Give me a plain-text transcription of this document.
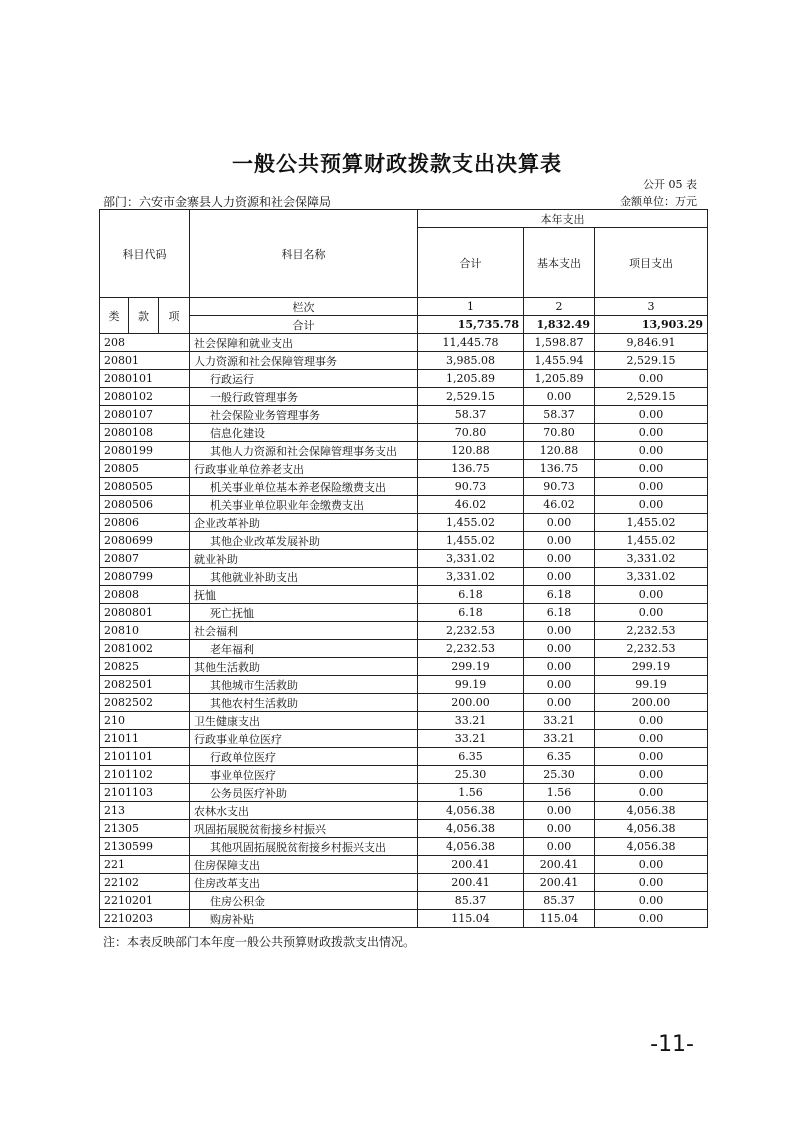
一般公共预算财政拨款支出决算表
公开 05 表
部门：六安市金寨县人力资源和社会保障局	金额单位：万元
科目代码			科目名称	本年支出		
				合计	基本支出	项目支出
类	款	项	栏次	1	2	3
			合计	15,735.78	1,832.49	13,903.29
208			社会保障和就业支出	11,445.78	1,598.87	9,846.91
20801			人力资源和社会保障管理事务	3,985.08	1,455.94	2,529.15
2080101			行政运行	1,205.89	1,205.89	0.00
2080102			一般行政管理事务	2,529.15	0.00	2,529.15
2080107			社会保险业务管理事务	58.37	58.37	0.00
2080108			信息化建设	70.80	70.80	0.00
2080199			其他人力资源和社会保障管理事务支出	120.88	120.88	0.00
20805			行政事业单位养老支出	136.75	136.75	0.00
2080505			机关事业单位基本养老保险缴费支出	90.73	90.73	0.00
2080506			机关事业单位职业年金缴费支出	46.02	46.02	0.00
20806			企业改革补助	1,455.02	0.00	1,455.02
2080699			其他企业改革发展补助	1,455.02	0.00	1,455.02
20807			就业补助	3,331.02	0.00	3,331.02
2080799			其他就业补助支出	3,331.02	0.00	3,331.02
20808			抚恤	6.18	6.18	0.00
2080801			死亡抚恤	6.18	6.18	0.00
20810			社会福利	2,232.53	0.00	2,232.53
2081002			老年福利	2,232.53	0.00	2,232.53
20825			其他生活救助	299.19	0.00	299.19
2082501			其他城市生活救助	99.19	0.00	99.19
2082502			其他农村生活救助	200.00	0.00	200.00
210			卫生健康支出	33.21	33.21	0.00
21011			行政事业单位医疗	33.21	33.21	0.00
2101101			行政单位医疗	6.35	6.35	0.00
2101102			事业单位医疗	25.30	25.30	0.00
2101103			公务员医疗补助	1.56	1.56	0.00
213			农林水支出	4,056.38	0.00	4,056.38
21305			巩固拓展脱贫衔接乡村振兴	4,056.38	0.00	4,056.38
2130599			其他巩固拓展脱贫衔接乡村振兴支出	4,056.38	0.00	4,056.38
221			住房保障支出	200.41	200.41	0.00
22102			住房改革支出	200.41	200.41	0.00
2210201			住房公积金	85.37	85.37	0.00
2210203			购房补贴	115.04	115.04	0.00
注：本表反映部门本年度一般公共预算财政拨款支出情况。
-11-
